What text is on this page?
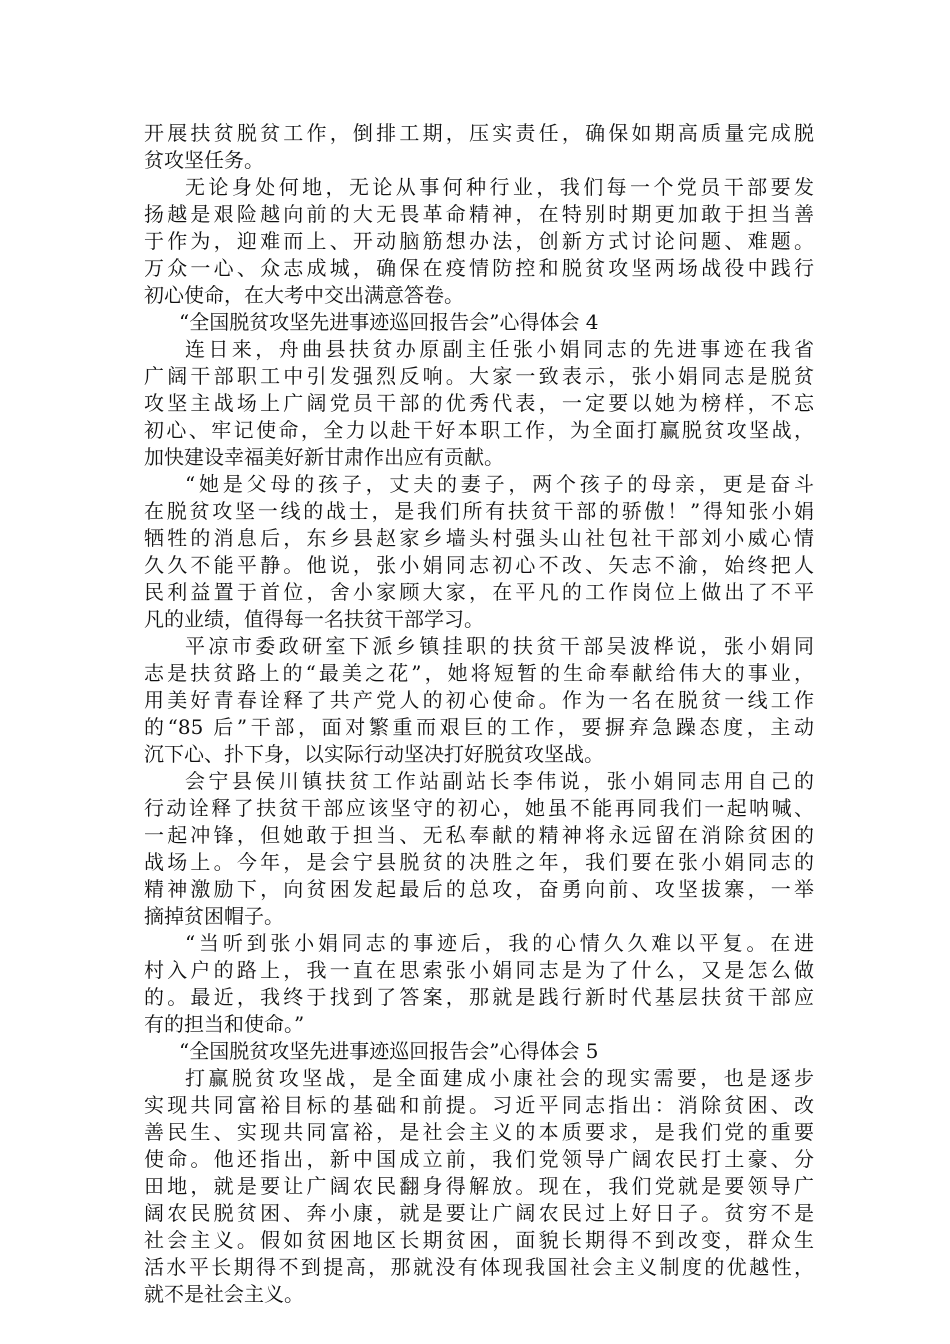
开展扶贫脱贫工作，倒排工期，压实责任，确保如期高质量完成脱
贫攻坚任务。
无论身处何地，无论从事何种行业，我们每一个党员干部要发
扬越是艰险越向前的大无畏革命精神，在特别时期更加敢于担当善
于作为，迎难而上、开动脑筋想办法，创新方式讨论问题、难题。
万众一心、众志成城，确保在疫情防控和脱贫攻坚两场战役中践行
初心使命，在大考中交出满意答卷。
“全国脱贫攻坚先进事迹巡回报告会”心得体会 4
连日来，舟曲县扶贫办原副主任张小娟同志的先进事迹在我省
广阔干部职工中引发强烈反响。大家一致表示，张小娟同志是脱贫
攻坚主战场上广阔党员干部的优秀代表，一定要以她为榜样，不忘
初心、牢记使命，全力以赴干好本职工作，为全面打赢脱贫攻坚战，
加快建设幸福美好新甘肃作出应有贡献。
“她是父母的孩子，丈夫的妻子，两个孩子的母亲，更是奋斗
在脱贫攻坚一线的战士，是我们所有扶贫干部的骄傲！”得知张小娟
牺牲的消息后，东乡县赵家乡墙头村强头山社包社干部刘小威心情
久久不能平静。他说，张小娟同志初心不改、矢志不渝，始终把人
民利益置于首位，舍小家顾大家，在平凡的工作岗位上做出了不平
凡的业绩，值得每一名扶贫干部学习。
平凉市委政研室下派乡镇挂职的扶贫干部吴波桦说，张小娟同
志是扶贫路上的“最美之花”，她将短暂的生命奉献给伟大的事业，
用美好青春诠释了共产党人的初心使命。作为一名在脱贫一线工作
的“85 后”干部，面对繁重而艰巨的工作，要摒弃急躁态度，主动
沉下心、扑下身，以实际行动坚决打好脱贫攻坚战。
会宁县侯川镇扶贫工作站副站长李伟说，张小娟同志用自己的
行动诠释了扶贫干部应该坚守的初心，她虽不能再同我们一起呐喊、
一起冲锋，但她敢于担当、无私奉献的精神将永远留在消除贫困的
战场上。今年，是会宁县脱贫的决胜之年，我们要在张小娟同志的
精神激励下，向贫困发起最后的总攻，奋勇向前、攻坚拔寨，一举
摘掉贫困帽子。
“当听到张小娟同志的事迹后，我的心情久久难以平复。在进
村入户的路上，我一直在思索张小娟同志是为了什么，又是怎么做
的。最近，我终于找到了答案，那就是践行新时代基层扶贫干部应
有的担当和使命。”
“全国脱贫攻坚先进事迹巡回报告会”心得体会 5
打赢脱贫攻坚战，是全面建成小康社会的现实需要，也是逐步
实现共同富裕目标的基础和前提。习近平同志指出：消除贫困、改
善民生、实现共同富裕，是社会主义的本质要求，是我们党的重要
使命。他还指出，新中国成立前，我们党领导广阔农民打土豪、分
田地，就是要让广阔农民翻身得解放。现在，我们党就是要领导广
阔农民脱贫困、奔小康，就是要让广阔农民过上好日子。贫穷不是
社会主义。假如贫困地区长期贫困，面貌长期得不到改变，群众生
活水平长期得不到提高，那就没有体现我国社会主义制度的优越性，
就不是社会主义。
